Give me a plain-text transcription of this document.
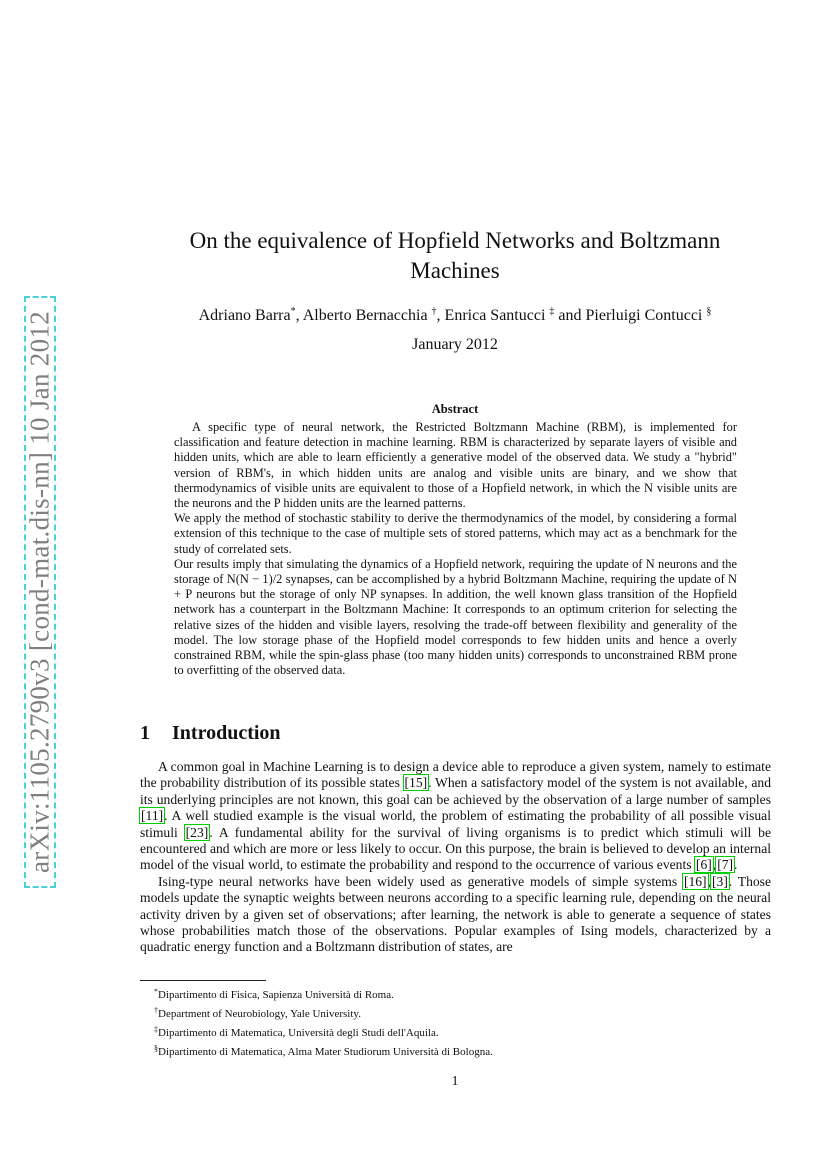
arXiv:1105.2790v3 [cond-mat.dis-nn] 10 Jan 2012
On the equivalence of Hopfield Networks and Boltzmann
Machines
Adriano Barra*, Alberto Bernacchia †, Enrica Santucci ‡ and Pierluigi Contucci §
January 2012
Abstract

A specific type of neural network, the Restricted Boltzmann Machine (RBM), is implemented for classification and feature detection in machine learning. RBM is characterized by separate layers of visible and hidden units, which are able to learn efficiently a generative model of the observed data. We study a "hybrid" version of RBM's, in which hidden units are analog and visible units are binary, and we show that thermodynamics of visible units are equivalent to those of a Hopfield network, in which the N visible units are the neurons and the P hidden units are the learned patterns.

We apply the method of stochastic stability to derive the thermodynamics of the model, by considering a formal extension of this technique to the case of multiple sets of stored patterns, which may act as a benchmark for the study of correlated sets.

Our results imply that simulating the dynamics of a Hopfield network, requiring the update of N neurons and the storage of N(N − 1)/2 synapses, can be accomplished by a hybrid Boltzmann Machine, requiring the update of N + P neurons but the storage of only NP synapses. In addition, the well known glass transition of the Hopfield network has a counterpart in the Boltzmann Machine: It corresponds to an optimum criterion for selecting the relative sizes of the hidden and visible layers, resolving the trade-off between flexibility and generality of the model. The low storage phase of the Hopfield model corresponds to few hidden units and hence a overly constrained RBM, while the spin-glass phase (too many hidden units) corresponds to unconstrained RBM prone to overfitting of the observed data.

1 Introduction

A common goal in Machine Learning is to design a device able to reproduce a given system, namely to estimate the probability distribution of its possible states [15]. When a satisfactory model of the system is not available, and its underlying principles are not known, this goal can be achieved by the observation of a large number of samples [11]. A well studied example is the visual world, the problem of estimating the probability of all possible visual stimuli [23]. A fundamental ability for the survival of living organisms is to predict which stimuli will be encountered and which are more or less likely to occur. On this purpose, the brain is believed to develop an internal model of the visual world, to estimate the probability and respond to the occurrence of various events [6],[7].

Ising-type neural networks have been widely used as generative models of simple systems [16],[3]. Those models update the synaptic weights between neurons according to a specific learning rule, depending on the neural activity driven by a given set of observations; after learning, the network is able to generate a sequence of states whose probabilities match those of the observations. Popular examples of Ising models, characterized by a quadratic energy function and a Boltzmann distribution of states, are

*Dipartimento di Fisica, Sapienza Università di Roma.
†Department of Neurobiology, Yale University.
‡Dipartimento di Matematica, Università degli Studi dell'Aquila.
§Dipartimento di Matematica, Alma Mater Studiorum Università di Bologna.
1
